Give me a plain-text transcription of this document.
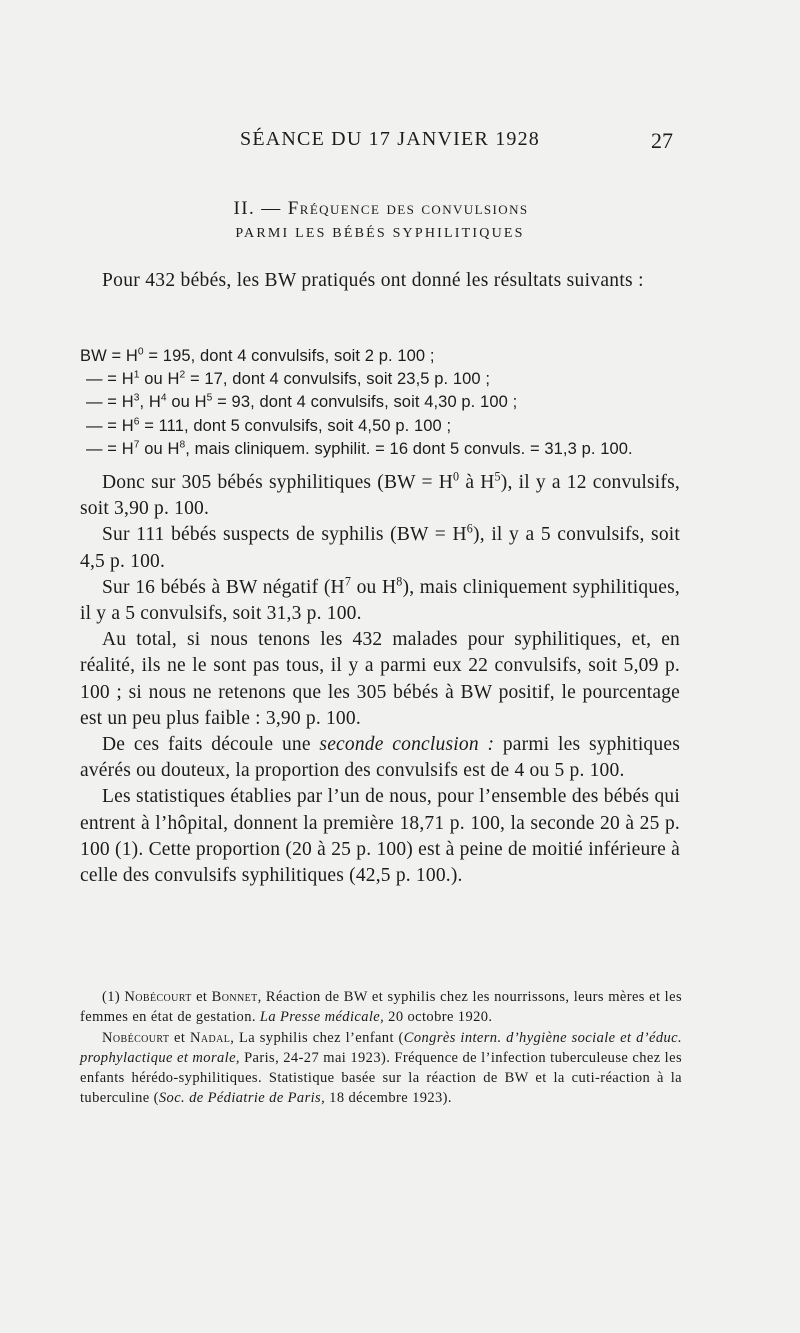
SÉANCE DU 17 JANVIER 1928	27
II. — Fréquence des convulsions
PARMI LES BÉBÉS SYPHILITIQUES

Pour 432 bébés, les BW pratiqués ont donné les résultats suivants :

BW = $H^0 = 195$, dont 4 convulsifs, soit 2 p. 100 ;
— = $H^1$ ou $H^2 = 17$, dont 4 convulsifs, soit 23,5 p. 100 ;
— = $H^3$, $H^4$ ou $H^5 = 93$, dont 4 convulsifs, soit 4,30 p. 100 ;
— = $H^6 = 111$, dont 5 convulsifs, soit 4,50 p. 100 ;
— = $H^7$ ou $H^8$, mais cliniquem. syphilit. = 16 dont 5 convuls. = 31,3 p. 100.

Donc sur 305 bébés syphilitiques ($BW = H^0$ à $H^5$), il y a 12 convulsifs, soit 3,90 p. 100.

Sur 111 bébés suspects de syphilis $(BW = H^6)$, il y a 5 convulsifs, soit 4,5 p. 100.

Sur 16 bébés à BW négatif ($H^7$ ou $H^8$), mais cliniquement syphilitiques, il y a 5 convulsifs, soit 31,3 p. 100.

Au total, si nous tenons les 432 malades pour syphilitiques, et, en réalité, ils ne le sont pas tous, il y a parmi eux 22 convulsifs, soit 5,09 p. 100 ; si nous ne retenons que les 305 bébés à BW positif, le pourcentage est un peu plus faible : 3,90 p. 100.

De ces faits découle une seconde conclusion : parmi les syphitiques avérés ou douteux, la proportion des convulsifs est de 4 ou 5 p. 100.

Les statistiques établies par l’un de nous, pour l’ensemble des bébés qui entrent à l’hôpital, donnent la première 18,71 p. 100, la seconde 20 à 25 p. 100 (1). Cette proportion (20 à 25 p. 100) est à peine de moitié inférieure à celle des convulsifs syphilitiques (42,5 p. 100.).

(1) Nobécourt et Bonnet, Réaction de BW et syphilis chez les nourrissons, leurs mères et les femmes en état de gestation. La Presse médicale, 20 octobre 1920.

Nobécourt et Nadal, La syphilis chez l’enfant (Congrès intern. d’hygiène sociale et d’éduc. prophylactique et morale, Paris, 24-27 mai 1923). Fréquence de l’infection tuberculeuse chez les enfants hérédo-syphilitiques. Statistique basée sur la réaction de BW et la cuti-réaction à la tuberculine (Soc. de Pédiatrie de Paris, 18 décembre 1923).
